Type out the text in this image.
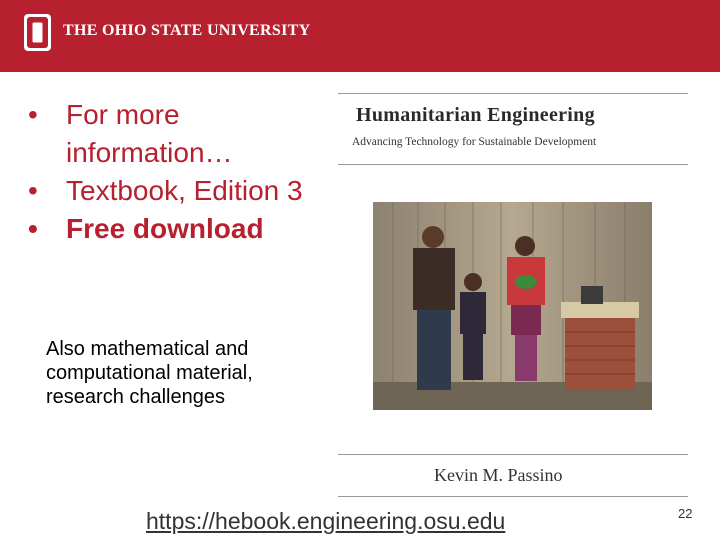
THE OHIO STATE UNIVERSITY
• For more
information…
• Textbook, Edition 3
• Free download
Also mathematical and computational material, research challenges
Humanitarian Engineering
Advancing Technology for Sustainable Development
Kevin M. Passino
https://hebook.engineering.osu.edu	22
